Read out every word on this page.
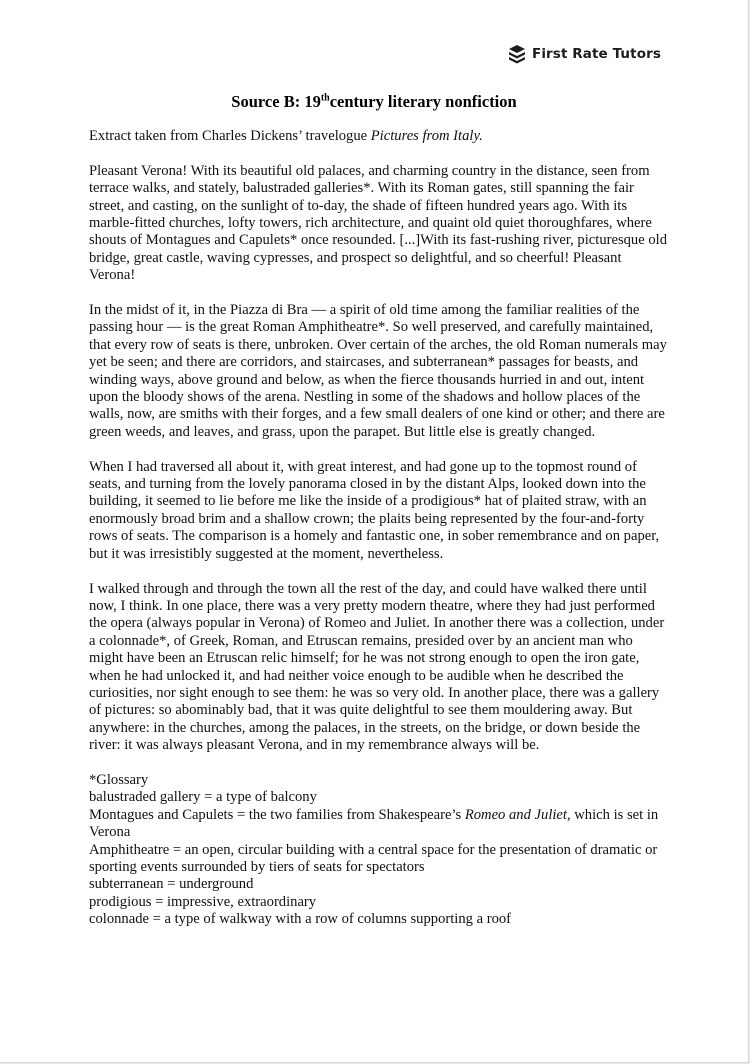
First Rate Tutors
Source B: 19thcentury literary nonfiction

Extract taken from Charles Dickens’ travelogue Pictures from Italy.

Pleasant Verona! With its beautiful old palaces, and charming country in the distance, seen from terrace walks, and stately, balustraded galleries*. With its Roman gates, still spanning the fair street, and casting, on the sunlight of to-day, the shade of fifteen hundred years ago. With its marble-fitted churches, lofty towers, rich architecture, and quaint old quiet thoroughfares, where shouts of Montagues and Capulets* once resounded. [...]With its fast-rushing river, picturesque old bridge, great castle, waving cypresses, and prospect so delightful, and so cheerful! Pleasant Verona!

In the midst of it, in the Piazza di Bra — a spirit of old time among the familiar realities of the passing hour — is the great Roman Amphitheatre*. So well preserved, and carefully maintained, that every row of seats is there, unbroken. Over certain of the arches, the old Roman numerals may yet be seen; and there are corridors, and staircases, and subterranean* passages for beasts, and winding ways, above ground and below, as when the fierce thousands hurried in and out, intent upon the bloody shows of the arena. Nestling in some of the shadows and hollow places of the walls, now, are smiths with their forges, and a few small dealers of one kind or other; and there are green weeds, and leaves, and grass, upon the parapet. But little else is greatly changed.

When I had traversed all about it, with great interest, and had gone up to the topmost round of seats, and turning from the lovely panorama closed in by the distant Alps, looked down into the building, it seemed to lie before me like the inside of a prodigious* hat of plaited straw, with an enormously broad brim and a shallow crown; the plaits being represented by the four-and-forty rows of seats. The comparison is a homely and fantastic one, in sober remembrance and on paper, but it was irresistibly suggested at the moment, nevertheless.

I walked through and through the town all the rest of the day, and could have walked there until now, I think. In one place, there was a very pretty modern theatre, where they had just performed the opera (always popular in Verona) of Romeo and Juliet. In another there was a collection, under a colonnade*, of Greek, Roman, and Etruscan remains, presided over by an ancient man who might have been an Etruscan relic himself; for he was not strong enough to open the iron gate, when he had unlocked it, and had neither voice enough to be audible when he described the curiosities, nor sight enough to see them: he was so very old. In another place, there was a gallery of pictures: so abominably bad, that it was quite delightful to see them mouldering away. But anywhere: in the churches, among the palaces, in the streets, on the bridge, or down beside the river: it was always pleasant Verona, and in my remembrance always will be.

*Glossary

balustraded gallery = a type of balcony

Montagues and Capulets = the two families from Shakespeare’s Romeo and Juliet, which is set in Verona

Amphitheatre = an open, circular building with a central space for the presentation of dramatic or sporting events surrounded by tiers of seats for spectators

subterranean = underground

prodigious = impressive, extraordinary

colonnade = a type of walkway with a row of columns supporting a roof
